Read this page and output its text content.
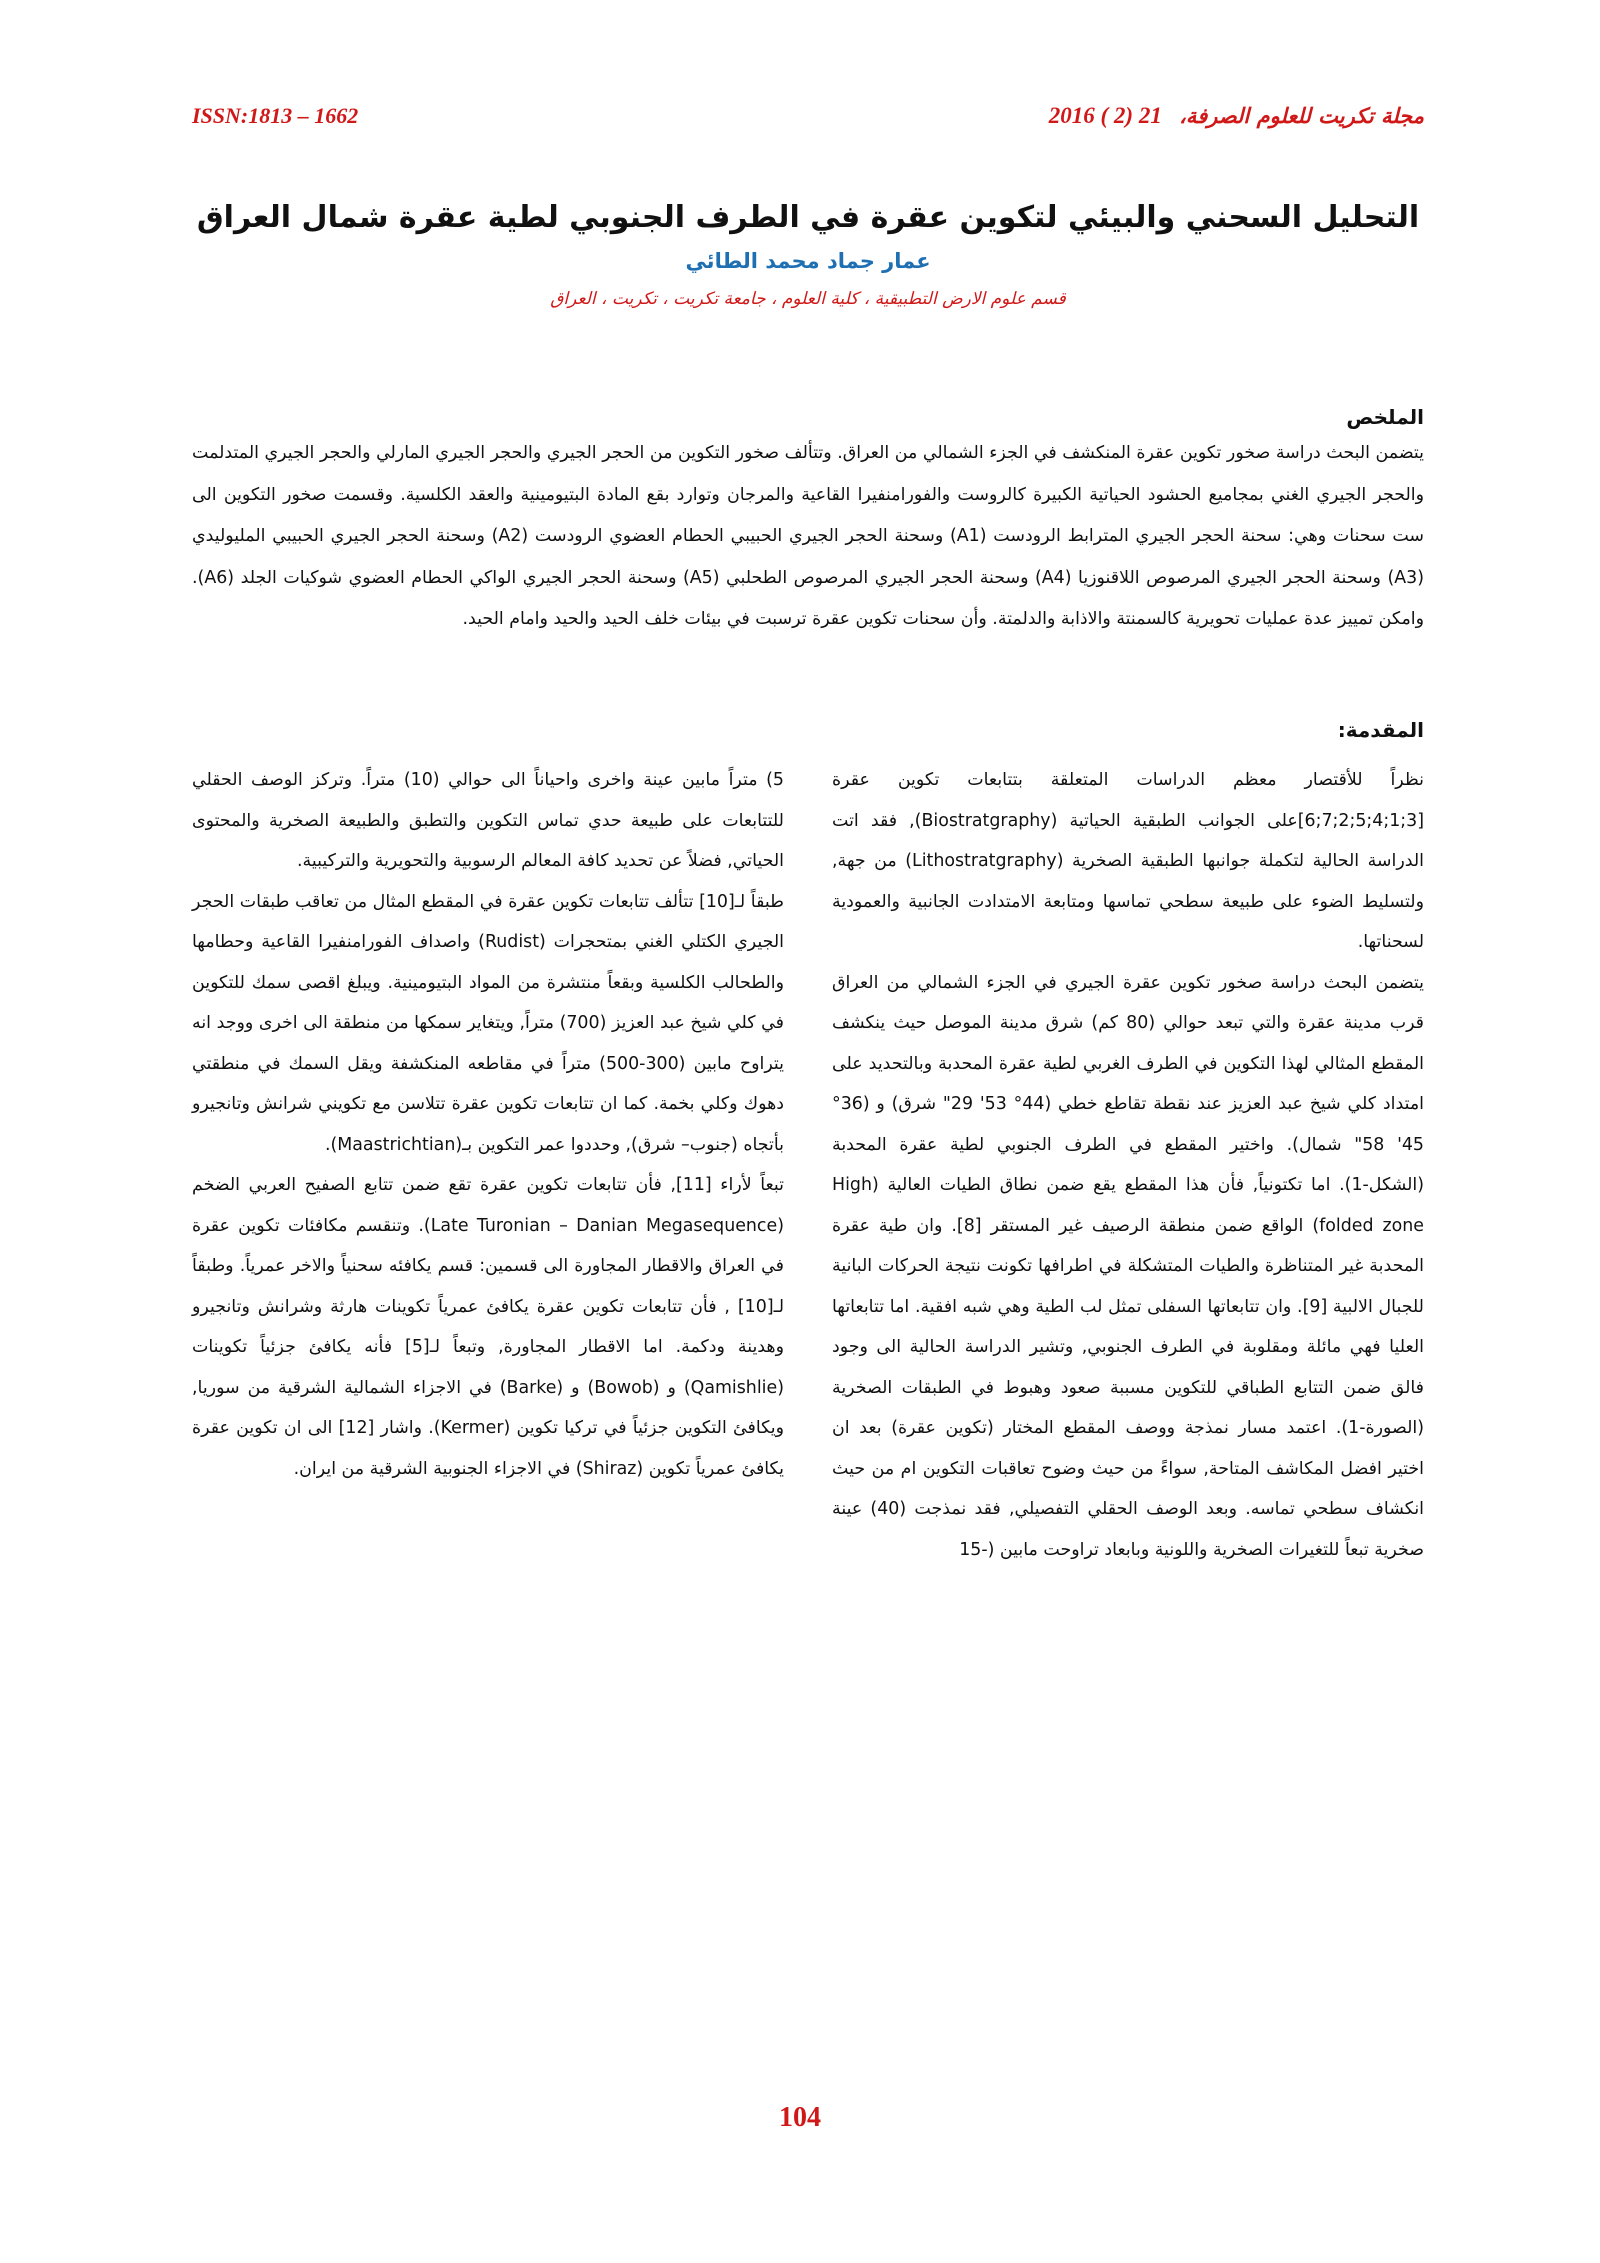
ISSN:1813 – 1662	مجلة تكريت للعلوم الصرفة، 2016 ( 2) 21
التحليل السحني والبيئي لتكوين عقرة في الطرف الجنوبي لطية عقرة شمال العراق

عمار جماد محمد الطائي

قسم علوم الارض التطبيقية ، كلية العلوم ، جامعة تكريت ، تكريت ، العراق

الملخص

يتضمن البحث دراسة صخور تكوين عقرة المنكشف في الجزء الشمالي من العراق. وتتألف صخور التكوين من الحجر الجيري والحجر الجيري المارلي والحجر الجيري المتدلمت والحجر الجيري الغني بمجاميع الحشود الحياتية الكبيرة كالروست والفورامنفيرا القاعية والمرجان وتوارد بقع المادة البتيومينية والعقد الكلسية. وقسمت صخور التكوين الى ست سحنات وهي: سحنة الحجر الجيري المترابط الرودست (A1) وسحنة الحجر الجيري الحبيبي الحطام العضوي الرودست (A2) وسحنة الحجر الجيري الحبيبي المليوليدي (A3) وسحنة الحجر الجيري المرصوص اللاقنوزيا (A4) وسحنة الحجر الجيري المرصوص الطحلبي (A5) وسحنة الحجر الجيري الواكي الحطام العضوي شوكيات الجلد (A6). وامكن تمييز عدة عمليات تحويرية كالسمنتة والاذابة والدلمتة. وأن سحنات تكوين عقرة ترسبت في بيئات خلف الحيد والحيد وامام الحيد.

المقدمة:

نظراً للأقتصار معظم الدراسات المتعلقة بتتابعات تكوين عقرة [3;1;4;5;2;7;6]على الجوانب الطبقية الحياتية (Biostratgraphy), فقد اتت الدراسة الحالية لتكملة جوانبها الطبقية الصخرية (Lithostratgraphy) من جهة, ولتسليط الضوء على طبيعة سطحي تماسها ومتابعة الامتدادت الجانبية والعمودية لسحناتها.

يتضمن البحث دراسة صخور تكوين عقرة الجيري في الجزء الشمالي من العراق قرب مدينة عقرة والتي تبعد حوالي (80 كم) شرق مدينة الموصل حيث ينكشف المقطع المثالي لهذا التكوين في الطرف الغربي لطية عقرة المحدبة وبالتحديد على امتداد كلي شيخ عبد العزيز عند نقطة تقاطع خطي (44° 53' 29" شرق) و (36° 45' 58" شمال). واختير المقطع في الطرف الجنوبي لطية عقرة المحدبة (الشكل-1). اما تكتونياً, فأن هذا المقطع يقع ضمن نطاق الطيات العالية (High folded zone) الواقع ضمن منطقة الرصيف غير المستقر [8]. وان طية عقرة المحدبة غير المتناظرة والطيات المتشكلة في اطرافها تكونت نتيجة الحركات البانية للجبال الالبية [9]. وان تتابعاتها السفلى تمثل لب الطية وهي شبه افقية. اما تتابعاتها العليا فهي مائلة ومقلوبة في الطرف الجنوبي, وتشير الدراسة الحالية الى وجود فالق ضمن التتابع الطباقي للتكوين مسببة صعود وهبوط في الطبقات الصخرية (الصورة-1). اعتمد مسار نمذجة ووصف المقطع المختار (تكوين عقرة) بعد ان اختير افضل المكاشف المتاحة, سواءً من حيث وضوح تعاقبات التكوين ام من حيث انكشاف سطحي تماسه. وبعد الوصف الحقلي التفصيلي, فقد نمذجت (40) عينة صخرية تبعاً للتغيرات الصخرية واللونية وبابعاد تراوحت مابين (-15

5) متراً مابين عينة واخرى واحياناً الى حوالي (10) متراً. وتركز الوصف الحقلي للتتابعات على طبيعة حدي تماس التكوين والتطبق والطبيعة الصخرية والمحتوى الحياتي, فضلاً عن تحديد كافة المعالم الرسوبية والتحويرية والتركيبية.

طبقاً لـ[10] تتألف تتابعات تكوين عقرة في المقطع المثال من تعاقب طبقات الحجر الجيري الكتلي الغني بمتحجرات (Rudist) واصداف الفورامنفيرا القاعية وحطامها والطحالب الكلسية وبقعاً منتشرة من المواد البتيومينية. ويبلغ اقصى سمك للتكوين في كلي شيخ عبد العزيز (700) متراً, ويتغاير سمكها من منطقة الى اخرى ووجد انه يتراوح مابين (300-500) متراً في مقاطعه المنكشفة ويقل السمك في منطقتي دهوك وكلي بخمة. كما ان تتابعات تكوين عقرة تتلاسن مع تكويني شرانش وتانجيرو بأتجاه (جنوب– شرق), وحددوا عمر التكوين بـ(Maastrichtian).

تبعاً لأراء [11], فأن تتابعات تكوين عقرة تقع ضمن تتابع الصفيح العربي الضخم (Late Turonian – Danian Megasequence). وتنقسم مكافئات تكوين عقرة في العراق والاقطار المجاورة الى قسمين: قسم يكافئه سحنياً والاخر عمرياً. وطبقاً لـ[10] , فأن تتابعات تكوين عقرة يكافئ عمرياً تكوينات هارثة وشرانش وتانجيرو وهدينة ودكمة. اما الاقطار المجاورة, وتبعاً لـ[5] فأنه يكافئ جزئياً تكوينات (Qamishlie) و (Bowob) و (Barke) في الاجزاء الشمالية الشرقية من سوريا, ويكافئ التكوين جزئياً في تركيا تكوين (Kermer). واشار [12] الى ان تكوين عقرة يكافئ عمرياً تكوين (Shiraz) في الاجزاء الجنوبية الشرقية من ايران.

104
